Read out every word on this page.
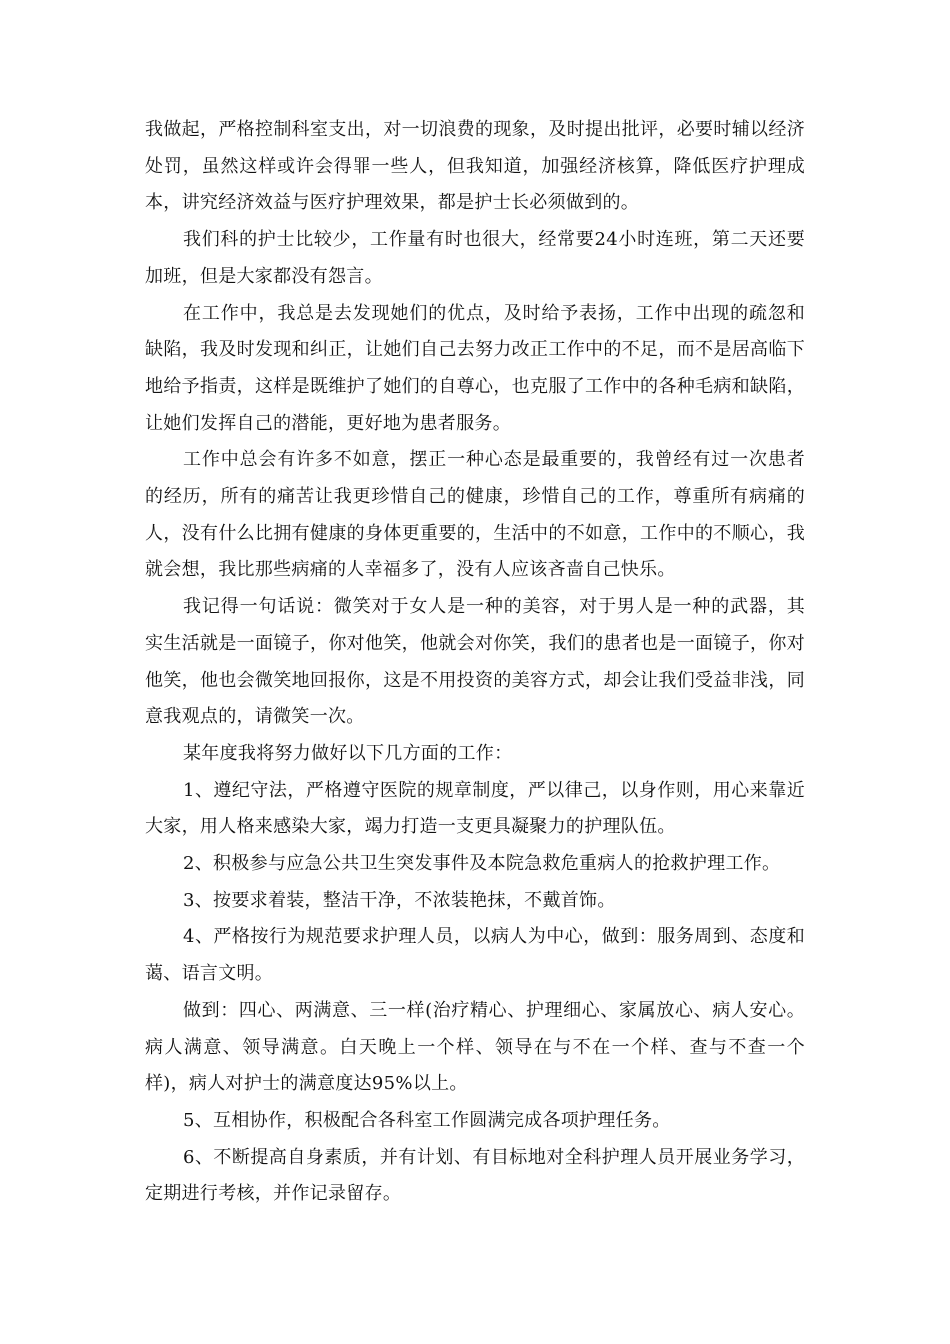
我做起，严格控制科室支出，对一切浪费的现象，及时提出批评，必要时辅以经济处罚，虽然这样或许会得罪一些人，但我知道，加强经济核算，降低医疗护理成本，讲究经济效益与医疗护理效果，都是护士长必须做到的。

我们科的护士比较少，工作量有时也很大，经常要24小时连班，第二天还要加班，但是大家都没有怨言。

在工作中，我总是去发现她们的优点，及时给予表扬，工作中出现的疏忽和缺陷，我及时发现和纠正，让她们自己去努力改正工作中的不足，而不是居高临下地给予指责，这样是既维护了她们的自尊心，也克服了工作中的各种毛病和缺陷，让她们发挥自己的潜能，更好地为患者服务。

工作中总会有许多不如意，摆正一种心态是最重要的，我曾经有过一次患者的经历，所有的痛苦让我更珍惜自己的健康，珍惜自己的工作，尊重所有病痛的人，没有什么比拥有健康的身体更重要的，生活中的不如意，工作中的不顺心，我就会想，我比那些病痛的人幸福多了，没有人应该吝啬自己快乐。

我记得一句话说：微笑对于女人是一种的美容，对于男人是一种的武器，其实生活就是一面镜子，你对他笑，他就会对你笑，我们的患者也是一面镜子，你对他笑，他也会微笑地回报你，这是不用投资的美容方式，却会让我们受益非浅，同意我观点的，请微笑一次。

某年度我将努力做好以下几方面的工作：

1、遵纪守法，严格遵守医院的规章制度，严以律己，以身作则，用心来靠近大家，用人格来感染大家，竭力打造一支更具凝聚力的护理队伍。

2、积极参与应急公共卫生突发事件及本院急救危重病人的抢救护理工作。

3、按要求着装，整洁干净，不浓装艳抹，不戴首饰。

4、严格按行为规范要求护理人员，以病人为中心，做到：服务周到、态度和蔼、语言文明。

做到：四心、两满意、三一样(治疗精心、护理细心、家属放心、病人安心。病人满意、领导满意。白天晚上一个样、领导在与不在一个样、查与不查一个样)，病人对护士的满意度达95%以上。

5、互相协作，积极配合各科室工作圆满完成各项护理任务。

6、不断提高自身素质，并有计划、有目标地对全科护理人员开展业务学习，定期进行考核，并作记录留存。
